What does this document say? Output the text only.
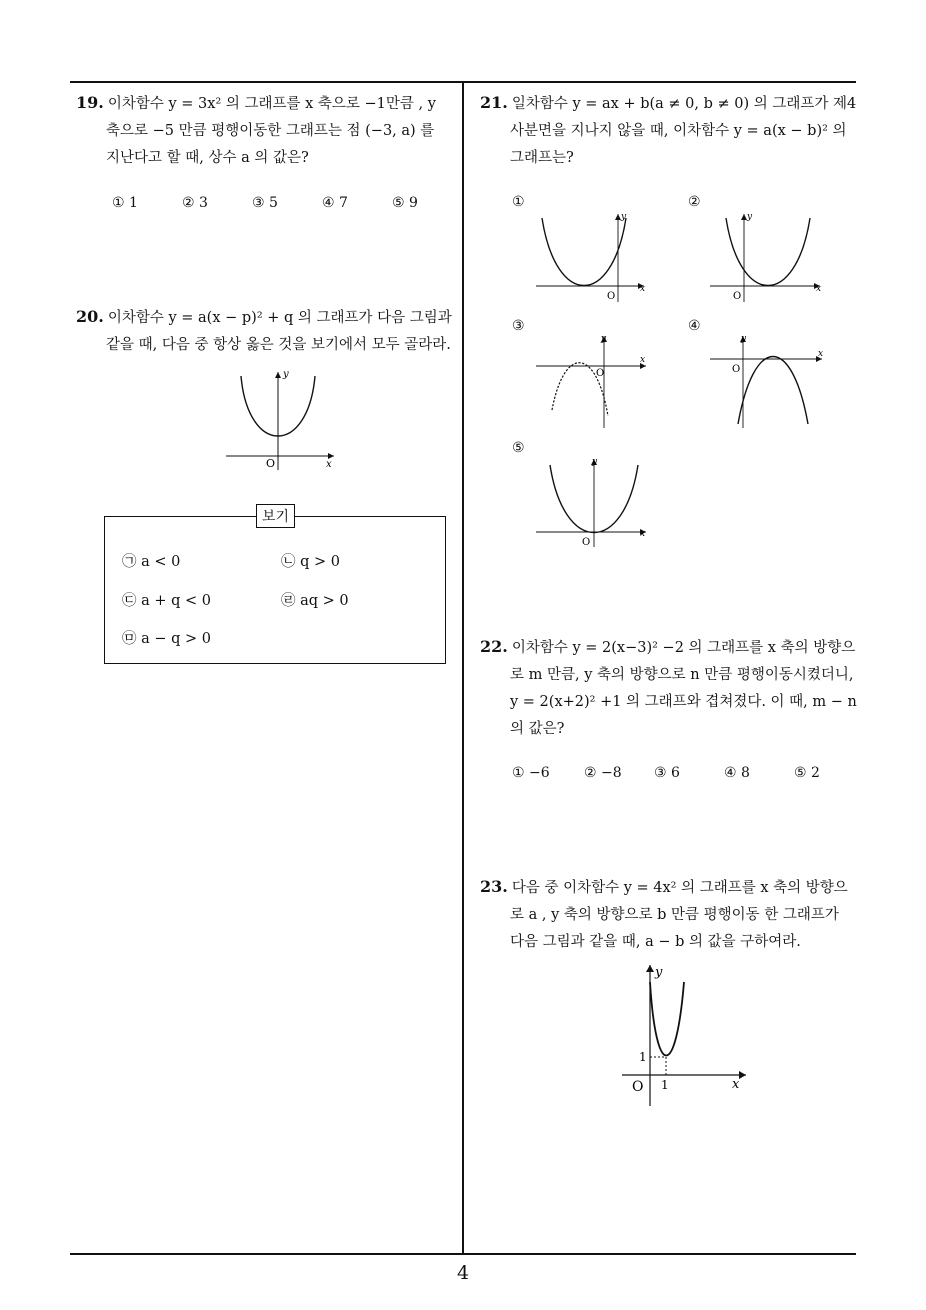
4
19. 이차함수 y = 3x² 의 그래프를 x 축으로 −1만큼 , y
축으로 −5 만큼 평행이동한 그래프는 점 (−3, a) 를
지난다고 할 때, 상수 a 의 값은?
① 1	② 3	③ 5	④ 7	⑤ 9
20. 이차함수 y = a(x − p)² + q 의 그래프가 다음 그림과
같을 때, 다음 중 항상 옳은 것을 보기에서 모두 골라라.
y
x
O
보기
㉠ a < 0	㉡ q > 0
㉢ a + q < 0	㉣ aq > 0
㉤ a − q > 0
21. 일차함수 y = ax + b(a ≠ 0, b ≠ 0) 의 그래프가 제4
사분면을 지나지 않을 때, 이차함수 y = a(x − b)² 의
그래프는?
①
y
x
O
②
y
x
O
③
y
x
O
④
y
x
O
⑤
y
x
O
22. 이차함수 y = 2(x−3)² −2 의 그래프를 x 축의 방향으
로 m 만큼, y 축의 방향으로 n 만큼 평행이동시켰더니,
y = 2(x+2)² +1 의 그래프와 겹쳐졌다. 이 때, m − n
의 값은?
① −6 ② −8 ③ 6	④ 8	⑤ 2
23. 다음 중 이차함수 y = 4x² 의 그래프를 x 축의 방향으
로 a , y 축의 방향으로 b 만큼 평행이동 한 그래프가
다음 그림과 같을 때, a − b 의 값을 구하여라.
y
x
O 1
1
